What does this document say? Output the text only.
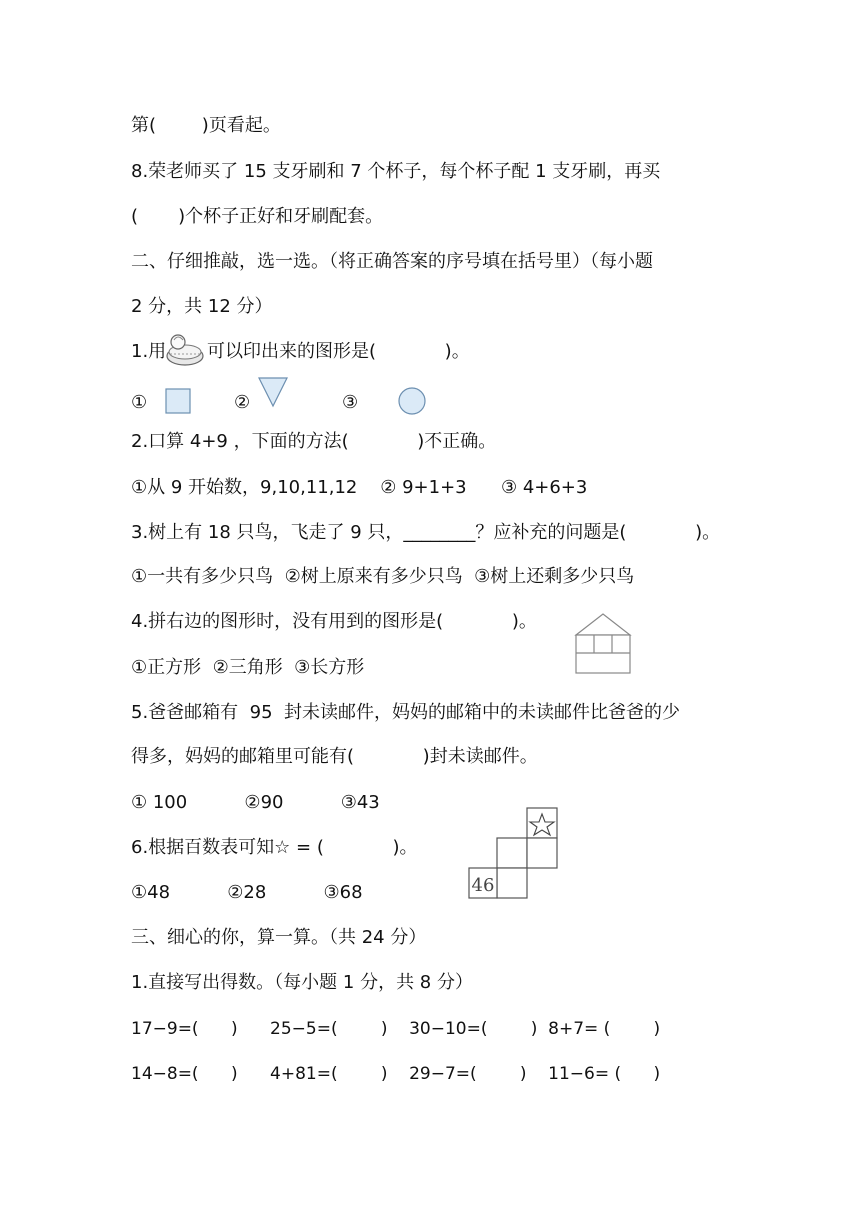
第(        )页看起。
8.荣老师买了 15 支牙刷和 7 个杯子，每个杯子配 1 支牙刷，再买
(       )个杯子正好和牙刷配套。
二、仔细推敲，选一选。（将正确答案的序号填在括号里）（每小题
2 分，共 12 分）
1.用 可以印出来的图形是(            )。
①	②	③
2.口算 4+9 ，下面的方法(            )不正确。
①从 9 开始数，9,10,11,12    ② 9+1+3      ③ 4+6+3
3.树上有 18 只鸟，飞走了 9 只，________？应补充的问题是(            )。
①一共有多少只鸟  ②树上原来有多少只鸟  ③树上还剩多少只鸟
4.拼右边的图形时，没有用到的图形是(            )。
①正方形  ②三角形  ③长方形
5.爸爸邮箱有  95  封未读邮件，妈妈的邮箱中的未读邮件比爸爸的少
得多，妈妈的邮箱里可能有(            )封未读邮件。
① 100          ②90          ③43
6.根据百数表可知☆ = (            )。
46
①48          ②28          ③68
三、细心的你，算一算。（共 24 分）
1.直接写出得数。（每小题 1 分，共 8 分）
17−9=(      )      25−5=(        )    30−10=(        )  8+7= (        )
14−8=(      )      4+81=(        )    29−7=(        )    11−6= (      )
